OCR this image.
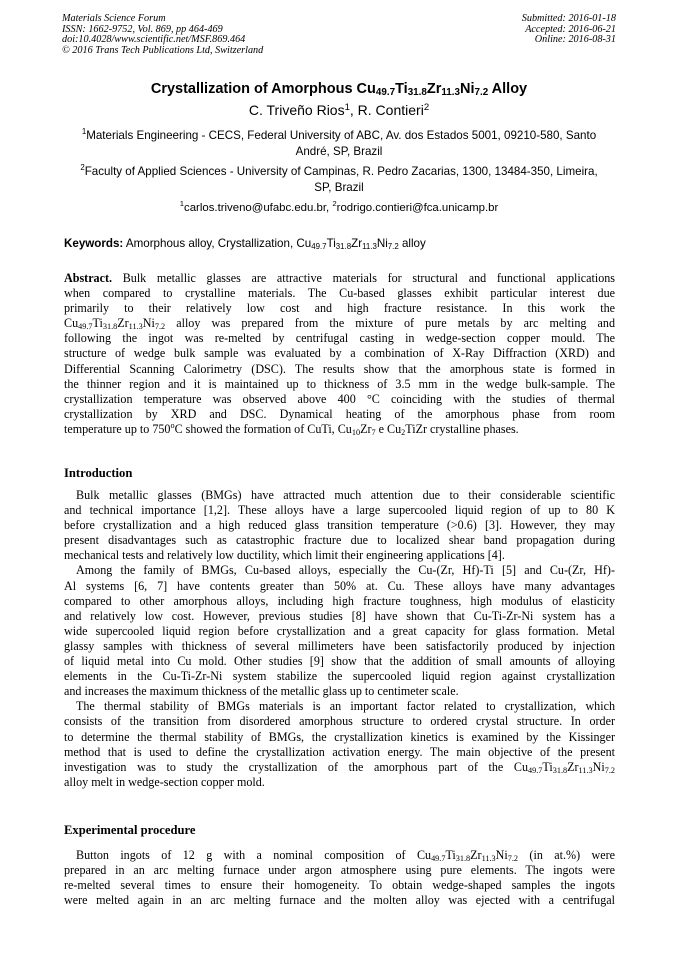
Materials Science Forum
ISSN: 1662-9752, Vol. 869, pp 464-469
doi:10.4028/www.scientific.net/MSF.869.464
© 2016 Trans Tech Publications Ltd, Switzerland
Submitted: 2016-01-18
Accepted: 2016-06-21
Online: 2016-08-31
Crystallization of Amorphous $Cu_{49.7}Ti_{31.8}Zr_{11.3}Ni_{7.2}$ Alloy
C. Triveño Rios$^1$, R. Contieri$^2$
$^1$Materials Engineering - CECS, Federal University of ABC, Av. dos Estados 5001, 09210-580, Santo André, SP, Brazil
$^2$Faculty of Applied Sciences - University of Campinas, R. Pedro Zacarias, 1300, 13484-350, Limeira, SP, Brazil
$^1$carlos.triveno@ufabc.edu.br, $^2$rodrigo.contieri@fca.unicamp.br
Keywords: Amorphous alloy, Crystallization, $Cu_{49.7}Ti_{31.8}Zr_{11.3}Ni_{7.2}$ alloy
Abstract. Bulk metallic glasses are attractive materials for structural and functional applications
when compared to crystalline materials. The Cu-based glasses exhibit particular interest due
primarily to their relatively low cost and high fracture resistance. In this work the
$Cu_{49.7}Ti_{31.8}Zr_{11.3}Ni_{7.2}$ alloy was prepared from the mixture of pure metals by arc melting and
following the ingot was re-melted by centrifugal casting in wedge-section copper mould. The
structure of wedge bulk sample was evaluated by a combination of X-Ray Diffraction (XRD) and
Differential Scanning Calorimetry (DSC). The results show that the amorphous state is formed in
the thinner region and it is maintained up to thickness of 3.5 mm in the wedge bulk-sample. The
crystallization temperature was observed above 400 °C coinciding with the studies of thermal
crystallization by XRD and DSC. Dynamical heating of the amorphous phase from room
temperature up to 750$^o$C showed the formation of CuTi, $Cu_{10}Zr_7$ e $Cu_2TiZr$ crystalline phases.
Introduction
Bulk metallic glasses (BMGs) have attracted much attention due to their considerable scientific
and technical importance [1,2]. These alloys have a large supercooled liquid region of up to 80 K
before crystallization and a high reduced glass transition temperature (>0.6) [3]. However, they may
present disadvantages such as catastrophic fracture due to localized shear band propagation during
mechanical tests and relatively low ductility, which limit their engineering applications [4].
Among the family of BMGs, Cu-based alloys, especially the Cu-(Zr, Hf)-Ti [5] and Cu-(Zr, Hf)-
Al systems [6, 7] have contents greater than 50% at. Cu. These alloys have many advantages
compared to other amorphous alloys, including high fracture toughness, high modulus of elasticity
and relatively low cost. However, previous studies [8] have shown that Cu-Ti-Zr-Ni system has a
wide supercooled liquid region before crystallization and a great capacity for glass formation. Metal
glassy samples with thickness of several millimeters have been satisfactorily produced by injection
of liquid metal into Cu mold. Other studies [9] show that the addition of small amounts of alloying
elements in the Cu-Ti-Zr-Ni system stabilize the supercooled liquid region against crystallization
and increases the maximum thickness of the metallic glass up to centimeter scale.
The thermal stability of BMGs materials is an important factor related to crystallization, which
consists of the transition from disordered amorphous structure to ordered crystal structure. In order
to determine the thermal stability of BMGs, the crystallization kinetics is examined by the Kissinger
method that is used to define the crystallization activation energy. The main objective of the present
investigation was to study the crystallization of the amorphous part of the $Cu_{49.7}Ti_{31.8}Zr_{11.3}Ni_{7.2}$
alloy melt in wedge-section copper mold.
Experimental procedure
Button ingots of 12 g with a nominal composition of $Cu_{49.7}Ti_{31.8}Zr_{11.3}Ni_{7.2}$ (in at.%) were
prepared in an arc melting furnace under argon atmosphere using pure elements. The ingots were
re-melted several times to ensure their homogeneity. To obtain wedge-shaped samples the ingots
were melted again in an arc melting furnace and the molten alloy was ejected with a centrifugal
